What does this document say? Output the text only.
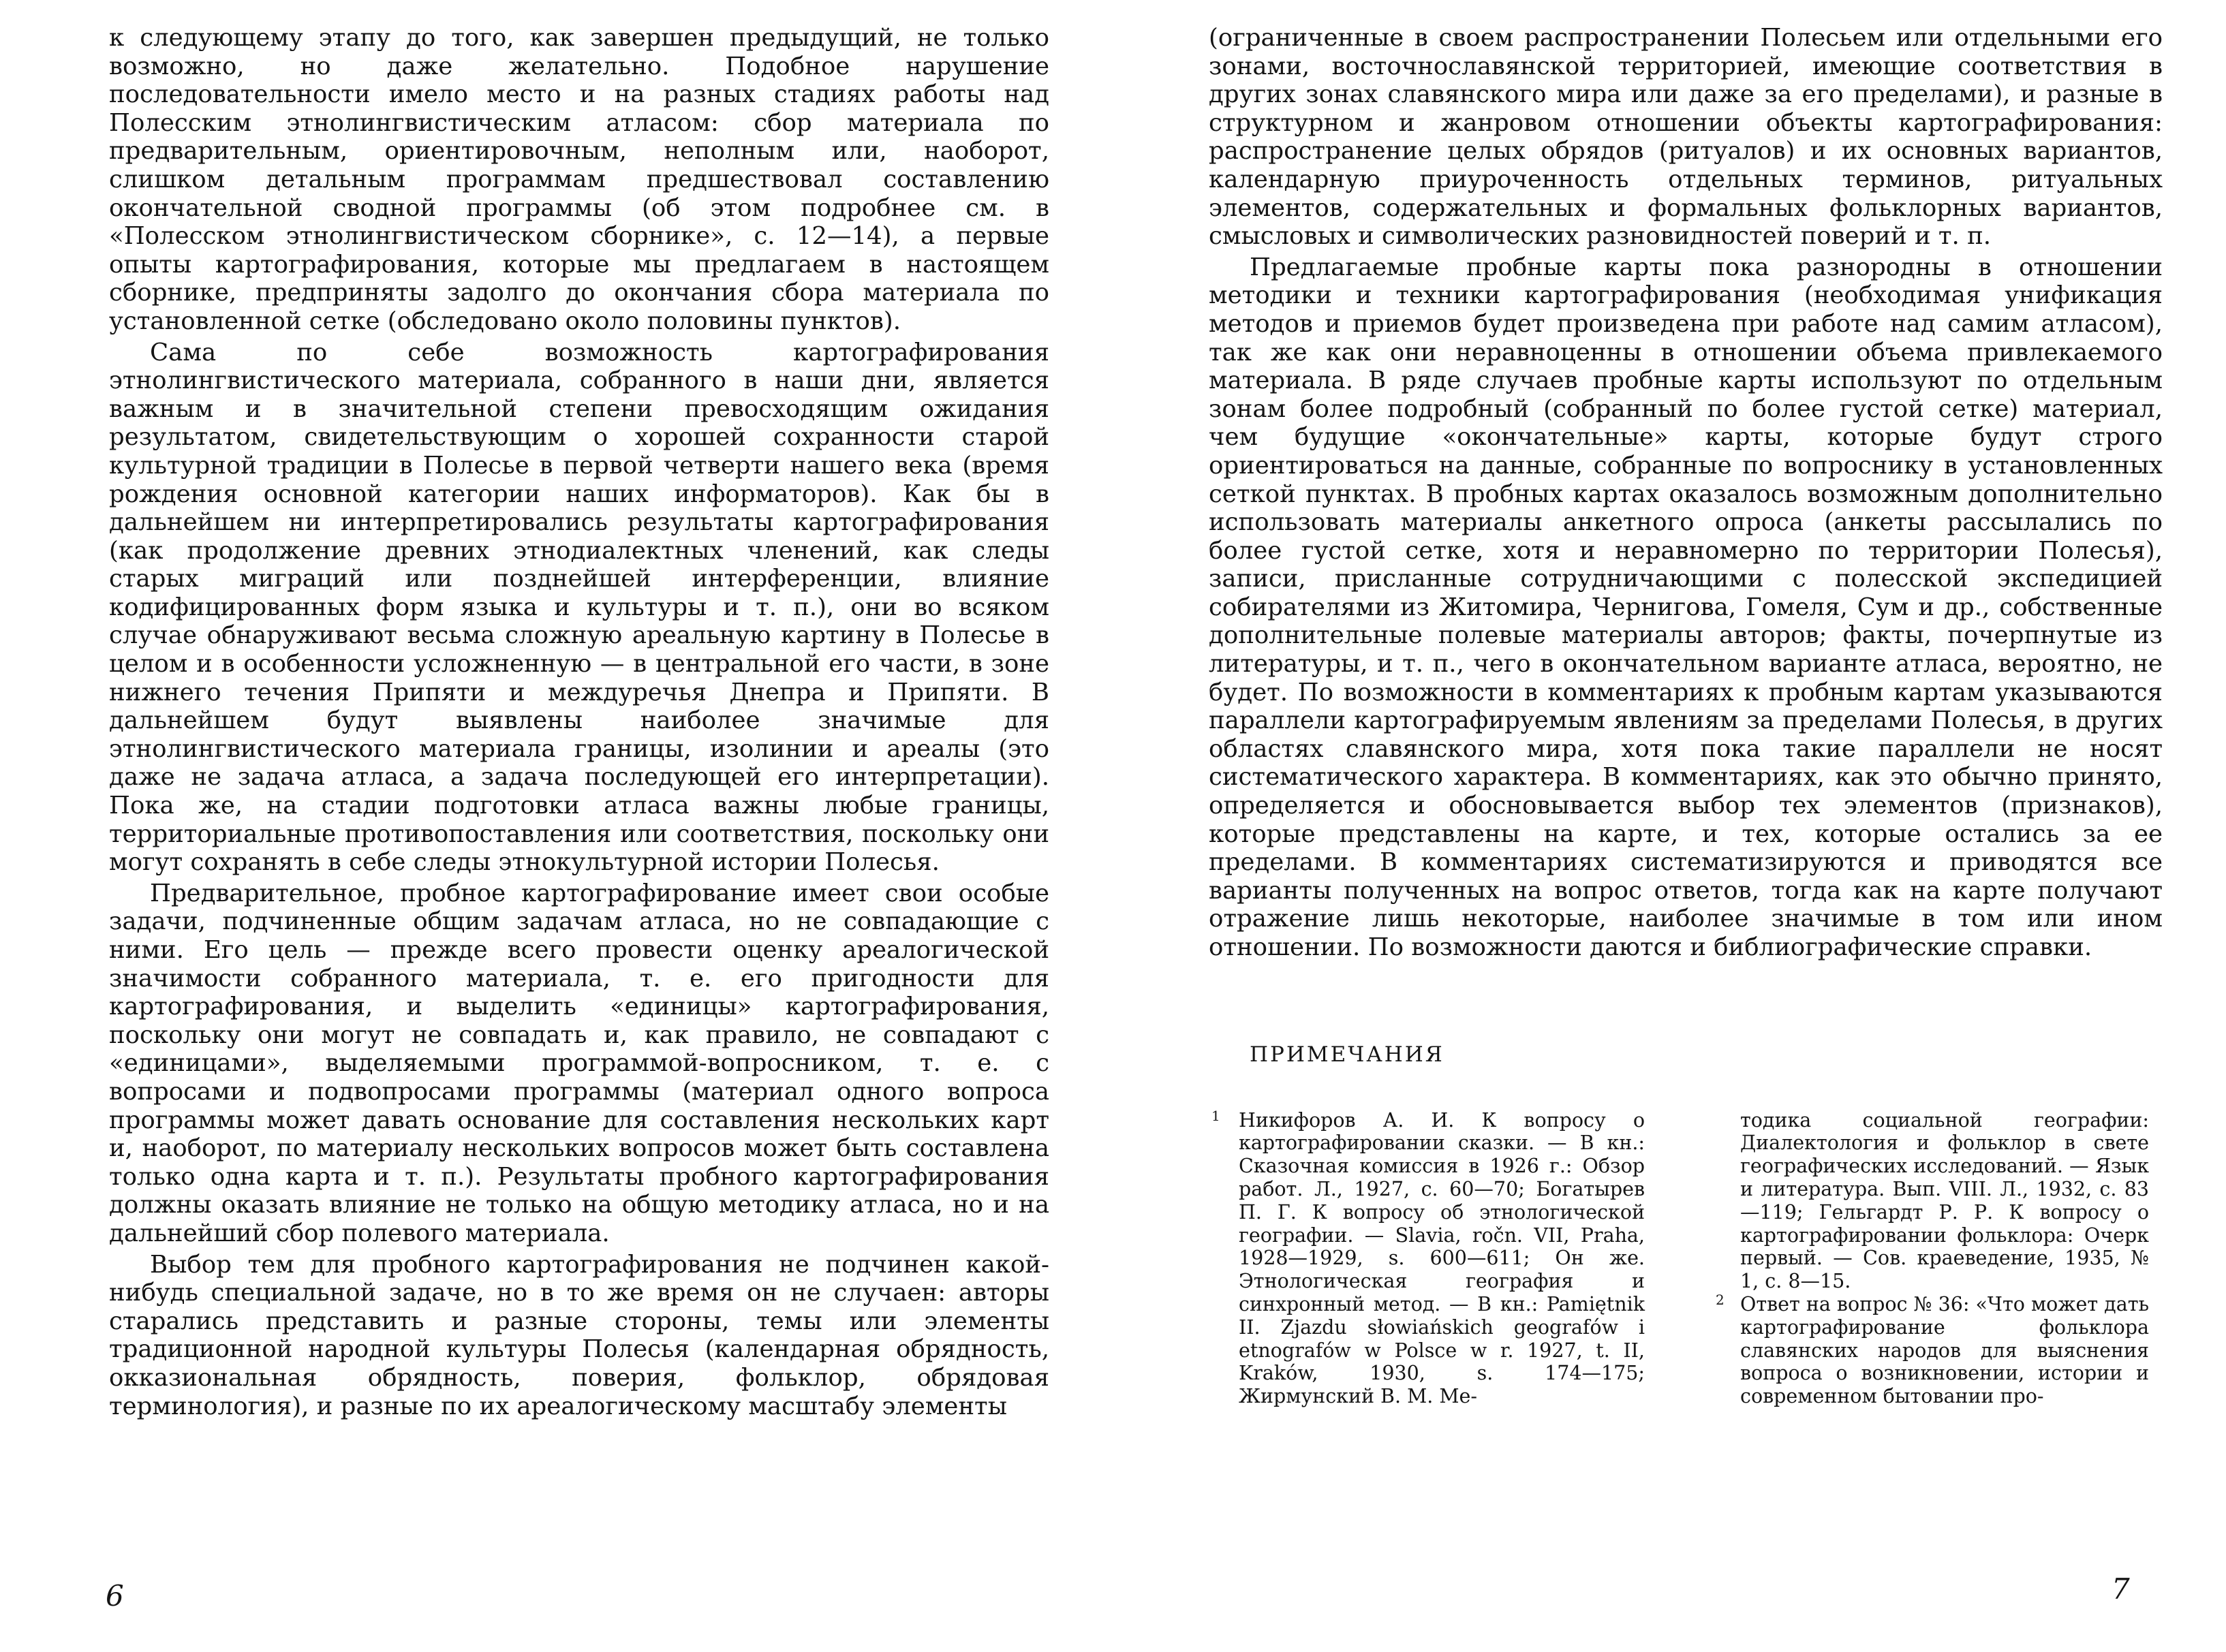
к следующему этапу до того, как завершен предыдущий, не только возможно, но даже желательно. Подобное нарушение последовательности имело место и на разных стадиях работы над Полесским этнолингвистическим атласом: сбор материала по предварительным, ориентировочным, неполным или, наоборот, слишком детальным программам предшествовал составлению окончательной сводной программы (об этом подробнее см. в «Полесском этнолингвистическом сборнике», с. 12—14), а первые опыты картографирования, которые мы предлагаем в настоящем сборнике, предприняты задолго до окончания сбора материала по установленной сетке (обследовано около половины пунктов).

Сама по себе возможность картографирования этнолингвистического материала, собранного в наши дни, является важным и в значительной степени превосходящим ожидания результатом, свидетельствующим о хорошей сохранности старой культурной традиции в Полесье в первой четверти нашего века (время рождения основной категории наших информаторов). Как бы в дальнейшем ни интерпретировались результаты картографирования (как продолжение древних этнодиалектных членений, как следы старых миграций или позднейшей интерференции, влияние кодифицированных форм языка и культуры и т. п.), они во всяком случае обнаруживают весьма сложную ареальную картину в Полесье в целом и в особенности усложненную — в центральной его части, в зоне нижнего течения Припяти и междуречья Днепра и Припяти. В дальнейшем будут выявлены наиболее значимые для этнолингвистического материала границы, изолинии и ареалы (это даже не задача атласа, а задача последующей его интерпретации). Пока же, на стадии подготовки атласа важны любые границы, территориальные противопоставления или соответствия, поскольку они могут сохранять в себе следы этнокультурной истории Полесья.

Предварительное, пробное картографирование имеет свои особые задачи, подчиненные общим задачам атласа, но не совпадающие с ними. Его цель — прежде всего провести оценку ареалогической значимости собранного материала, т. е. его пригодности для картографирования, и выделить «единицы» картографирования, поскольку они могут не совпадать и, как правило, не совпадают с «единицами», выделяемыми программой-вопросником, т. е. с вопросами и подвопросами программы (материал одного вопроса программы может давать основание для составления нескольких карт и, наоборот, по материалу нескольких вопросов может быть составлена только одна карта и т. п.). Результаты пробного картографирования должны оказать влияние не только на общую методику атласа, но и на дальнейший сбор полевого материала.

Выбор тем для пробного картографирования не подчинен какой-нибудь специальной задаче, но в то же время он не случаен: авторы старались представить и разные стороны, темы или элементы традиционной народной культуры Полесья (календарная обрядность, окказиональная обрядность, поверия, фольклор, обрядовая терминология), и разные по их ареалогическому масштабу элементы

6

(ограниченные в своем распространении Полесьем или отдельными его зонами, восточнославянской территорией, имеющие соответствия в других зонах славянского мира или даже за его пределами), и разные в структурном и жанровом отношении объекты картографирования: распространение целых обрядов (ритуалов) и их основных вариантов, календарную приуроченность отдельных терминов, ритуальных элементов, содержательных и формальных фольклорных вариантов, смысловых и символических разновидностей поверий и т. п.

Предлагаемые пробные карты пока разнородны в отношении методики и техники картографирования (необходимая унификация методов и приемов будет произведена при работе над самим атласом), так же как они неравноценны в отношении объема привлекаемого материала. В ряде случаев пробные карты используют по отдельным зонам более подробный (собранный по более густой сетке) материал, чем будущие «окончательные» карты, которые будут строго ориентироваться на данные, собранные по вопроснику в установленных сеткой пунктах. В пробных картах оказалось возможным дополнительно использовать материалы анкетного опроса (анкеты рассылались по более густой сетке, хотя и неравномерно по территории Полесья), записи, присланные сотрудничающими с полесской экспедицией собирателями из Житомира, Чернигова, Гомеля, Сум и др., собственные дополнительные полевые материалы авторов; факты, почерпнутые из литературы, и т. п., чего в окончательном варианте атласа, вероятно, не будет. По возможности в комментариях к пробным картам указываются параллели картографируемым явлениям за пределами Полесья, в других областях славянского мира, хотя пока такие параллели не носят систематического характера. В комментариях, как это обычно принято, определяется и обосновывается выбор тех элементов (признаков), которые представлены на карте, и тех, которые остались за ее пределами. В комментариях систематизируются и приводятся все варианты полученных на вопрос ответов, тогда как на карте получают отражение лишь некоторые, наиболее значимые в том или ином отношении. По возможности даются и библиографические справки.

ПРИМЕЧАНИЯ

1 Никифоров А. И. К вопросу о картографировании сказки. — В кн.: Сказочная комиссия в 1926 г.: Обзор работ. Л., 1927, с. 60—70; Богатырев П. Г. К вопросу об этнологической географии. — Slavia, ročn. VII, Praha, 1928—1929, s. 600—611; Он же. Этнологическая география и синхронный метод. — В кн.: Pamiętnik II. Zjazdu słowiańskich geografów i etnografów w Polsce w r. 1927, t. II, Kraków, 1930, s. 174—175; Жирмунский В. М. Ме-

тодика социальной географии: Диалектология и фольклор в свете географических исследований. — Язык и литература. Вып. VIII. Л., 1932, с. 83—119; Гельгардт Р. Р. К вопросу о картографировании фольклора: Очерк первый. — Сов. краеведение, 1935, № 1, с. 8—15.

2 Ответ на вопрос № 36: «Что может дать картографирование фольклора славянских народов для выяснения вопроса о возникновении, истории и современном бытовании про-

7
